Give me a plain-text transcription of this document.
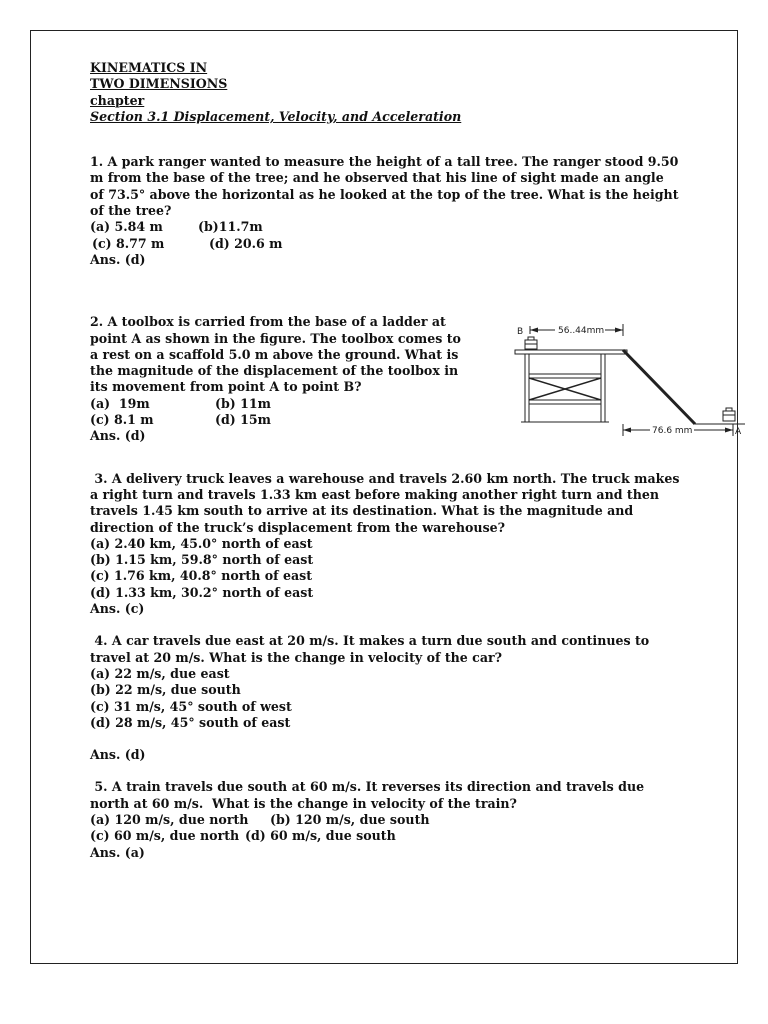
KINEMATICS IN
TWO DIMENSIONS
chapter
Section 3.1 Displacement, Velocity, and Acceleration
1. A park ranger wanted to measure the height of a tall tree. The ranger stood 9.50 m from the base of the tree; and he observed that his line of sight made an angle of 73.5° above the horizontal as he looked at the top of the tree. What is the height of the tree?
(a) 5.84 m	(b)11.7m
(c) 8.77 m	(d) 20.6 m
Ans. (d)
2. A toolbox is carried from the base of a ladder at point A as shown in the figure. The toolbox comes to a rest on a scaffold 5.0 m above the ground. What is the magnitude of the displacement of the toolbox in its movement from point A to point B?
(a)  19m	(b) 11m
(c) 8.1 m	(d) 15m
Ans. (d)
3. A delivery truck leaves a warehouse and travels 2.60 km north. The truck makes a right turn and travels 1.33 km east before making another right turn and then travels 1.45 km south to arrive at its destination. What is the magnitude and direction of the truck’s displacement from the warehouse?
(a) 2.40 km, 45.0° north of east
(b) 1.15 km, 59.8° north of east
(c) 1.76 km, 40.8° north of east
(d) 1.33 km, 30.2° north of east
Ans. (c)
4. A car travels due east at 20 m/s. It makes a turn due south and continues to travel at 20 m/s. What is the change in velocity of the car?
(a) 22 m/s, due east
(b) 22 m/s, due south
(c) 31 m/s, 45° south of west
(d) 28 m/s, 45° south of east
Ans. (d)
5. A train travels due south at 60 m/s. It reverses its direction and travels due north at 60 m/s.  What is the change in velocity of the train?
(a) 120 m/s, due north	(b) 120 m/s, due south
(c) 60 m/s, due north (d) 60 m/s, due south
Ans. (a)
B	56..44mm
76.6 mm	A
